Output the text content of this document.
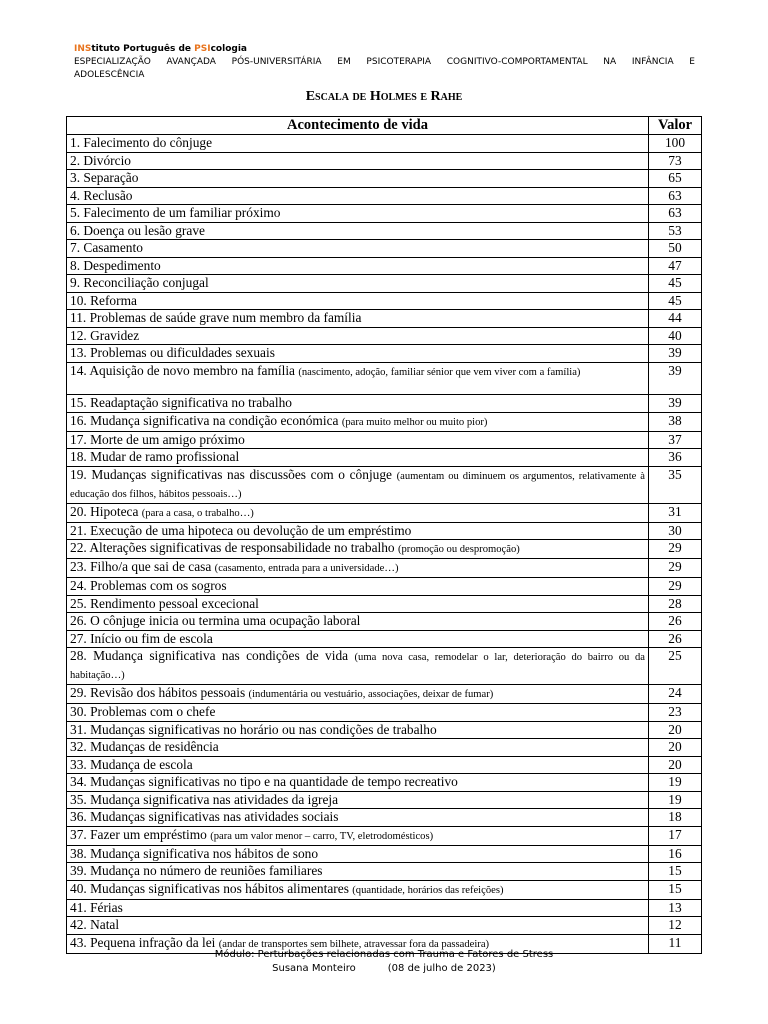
INStituto Português de PSIcologia
ESPECIALIZAÇÃO AVANÇADA PÓS-UNIVERSITÁRIA EM PSICOTERAPIA COGNITIVO-COMPORTAMENTAL NA INFÂNCIA E
ADOLESCÊNCIA
Escala de Holmes e Rahe
Acontecimento de vida	Valor
1. Falecimento do cônjuge	100
2. Divórcio	73
3. Separação	65
4. Reclusão	63
5. Falecimento de um familiar próximo	63
6. Doença ou lesão grave	53
7. Casamento	50
8. Despedimento	47
9. Reconciliação conjugal	45
10. Reforma	45
11. Problemas de saúde grave num membro da família	44
12. Gravidez	40
13. Problemas ou dificuldades sexuais	39
14. Aquisição de novo membro na família (nascimento, adoção, familiar sénior que vem viver com a família)	39
15. Readaptação significativa no trabalho	39
16. Mudança significativa na condição económica (para muito melhor ou muito pior)	38
17. Morte de um amigo próximo	37
18. Mudar de ramo profissional	36
19. Mudanças significativas nas discussões com o cônjuge (aumentam ou diminuem os argumentos, relativamente à educação dos filhos, hábitos pessoais…)	35
20. Hipoteca (para a casa, o trabalho…)	31
21. Execução de uma hipoteca ou devolução de um empréstimo	30
22. Alterações significativas de responsabilidade no trabalho (promoção ou despromoção)	29
23. Filho/a que sai de casa (casamento, entrada para a universidade…)	29
24. Problemas com os sogros	29
25. Rendimento pessoal excecional	28
26. O cônjuge inicia ou termina uma ocupação laboral	26
27. Início ou fim de escola	26
28. Mudança significativa nas condições de vida (uma nova casa, remodelar o lar, deterioração do bairro ou da habitação…)	25
29. Revisão dos hábitos pessoais (indumentária ou vestuário, associações, deixar de fumar)	24
30. Problemas com o chefe	23
31. Mudanças significativas no horário ou nas condições de trabalho	20
32. Mudanças de residência	20
33. Mudança de escola	20
34. Mudanças significativas no tipo e na quantidade de tempo recreativo	19
35. Mudança significativa nas atividades da igreja	19
36. Mudanças significativas nas atividades sociais	18
37. Fazer um empréstimo (para um valor menor – carro, TV, eletrodomésticos)	17
38. Mudança significativa nos hábitos de sono	16
39. Mudança no número de reuniões familiares	15
40. Mudanças significativas nos hábitos alimentares (quantidade, horários das refeições)	15
41. Férias	13
42. Natal	12
43. Pequena infração da lei (andar de transportes sem bilhete, atravessar fora da passadeira)	11
Módulo: Perturbações relacionadas com Trauma e Fatores de Stress
Susana Monteiro	(08 de julho de 2023)
